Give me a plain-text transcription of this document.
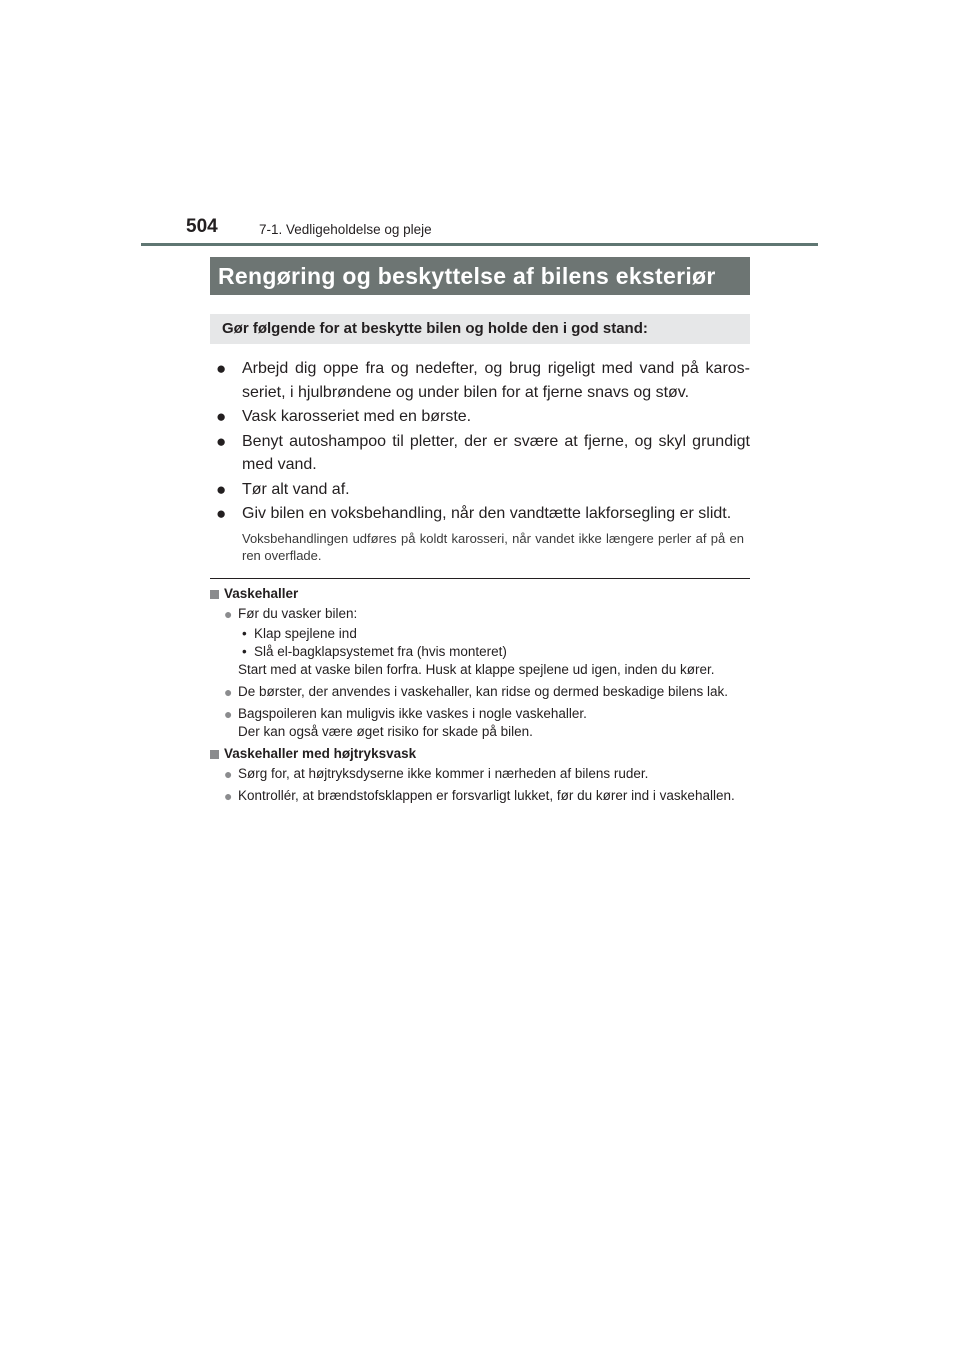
504	7-1. Vedligeholdelse og pleje
Rengøring og beskyttelse af bilens eksteriør
Gør følgende for at beskytte bilen og holde den i god stand:
● Arbejd dig oppe fra og nedefter, og brug rigeligt med vand på karos- seriet, i hjulbrøndene og under bilen for at fjerne snavs og støv.
● Vask karosseriet med en børste.
● Benyt autoshampoo til pletter, der er svære at fjerne, og skyl grundigt med vand.
● Tør alt vand af.
● Giv bilen en voksbehandling, når den vandtætte lakforsegling er slidt.
Voksbehandlingen udføres på koldt karosseri, når vandet ikke længere perler af på en ren overflade.
Vaskehaller
● Før du vasker bilen:
• Klap spejlene ind
• Slå el-bagklapsystemet fra (hvis monteret)
Start med at vaske bilen forfra. Husk at klappe spejlene ud igen, inden du kører.
● De børster, der anvendes i vaskehaller, kan ridse og dermed beskadige bilens lak.
● Bagspoileren kan muligvis ikke vaskes i nogle vaskehaller.
Der kan også være øget risiko for skade på bilen.
Vaskehaller med højtryksvask
● Sørg for, at højtryksdyserne ikke kommer i nærheden af bilens ruder.
● Kontrollér, at brændstofsklappen er forsvarligt lukket, før du kører ind i vaskehallen.
